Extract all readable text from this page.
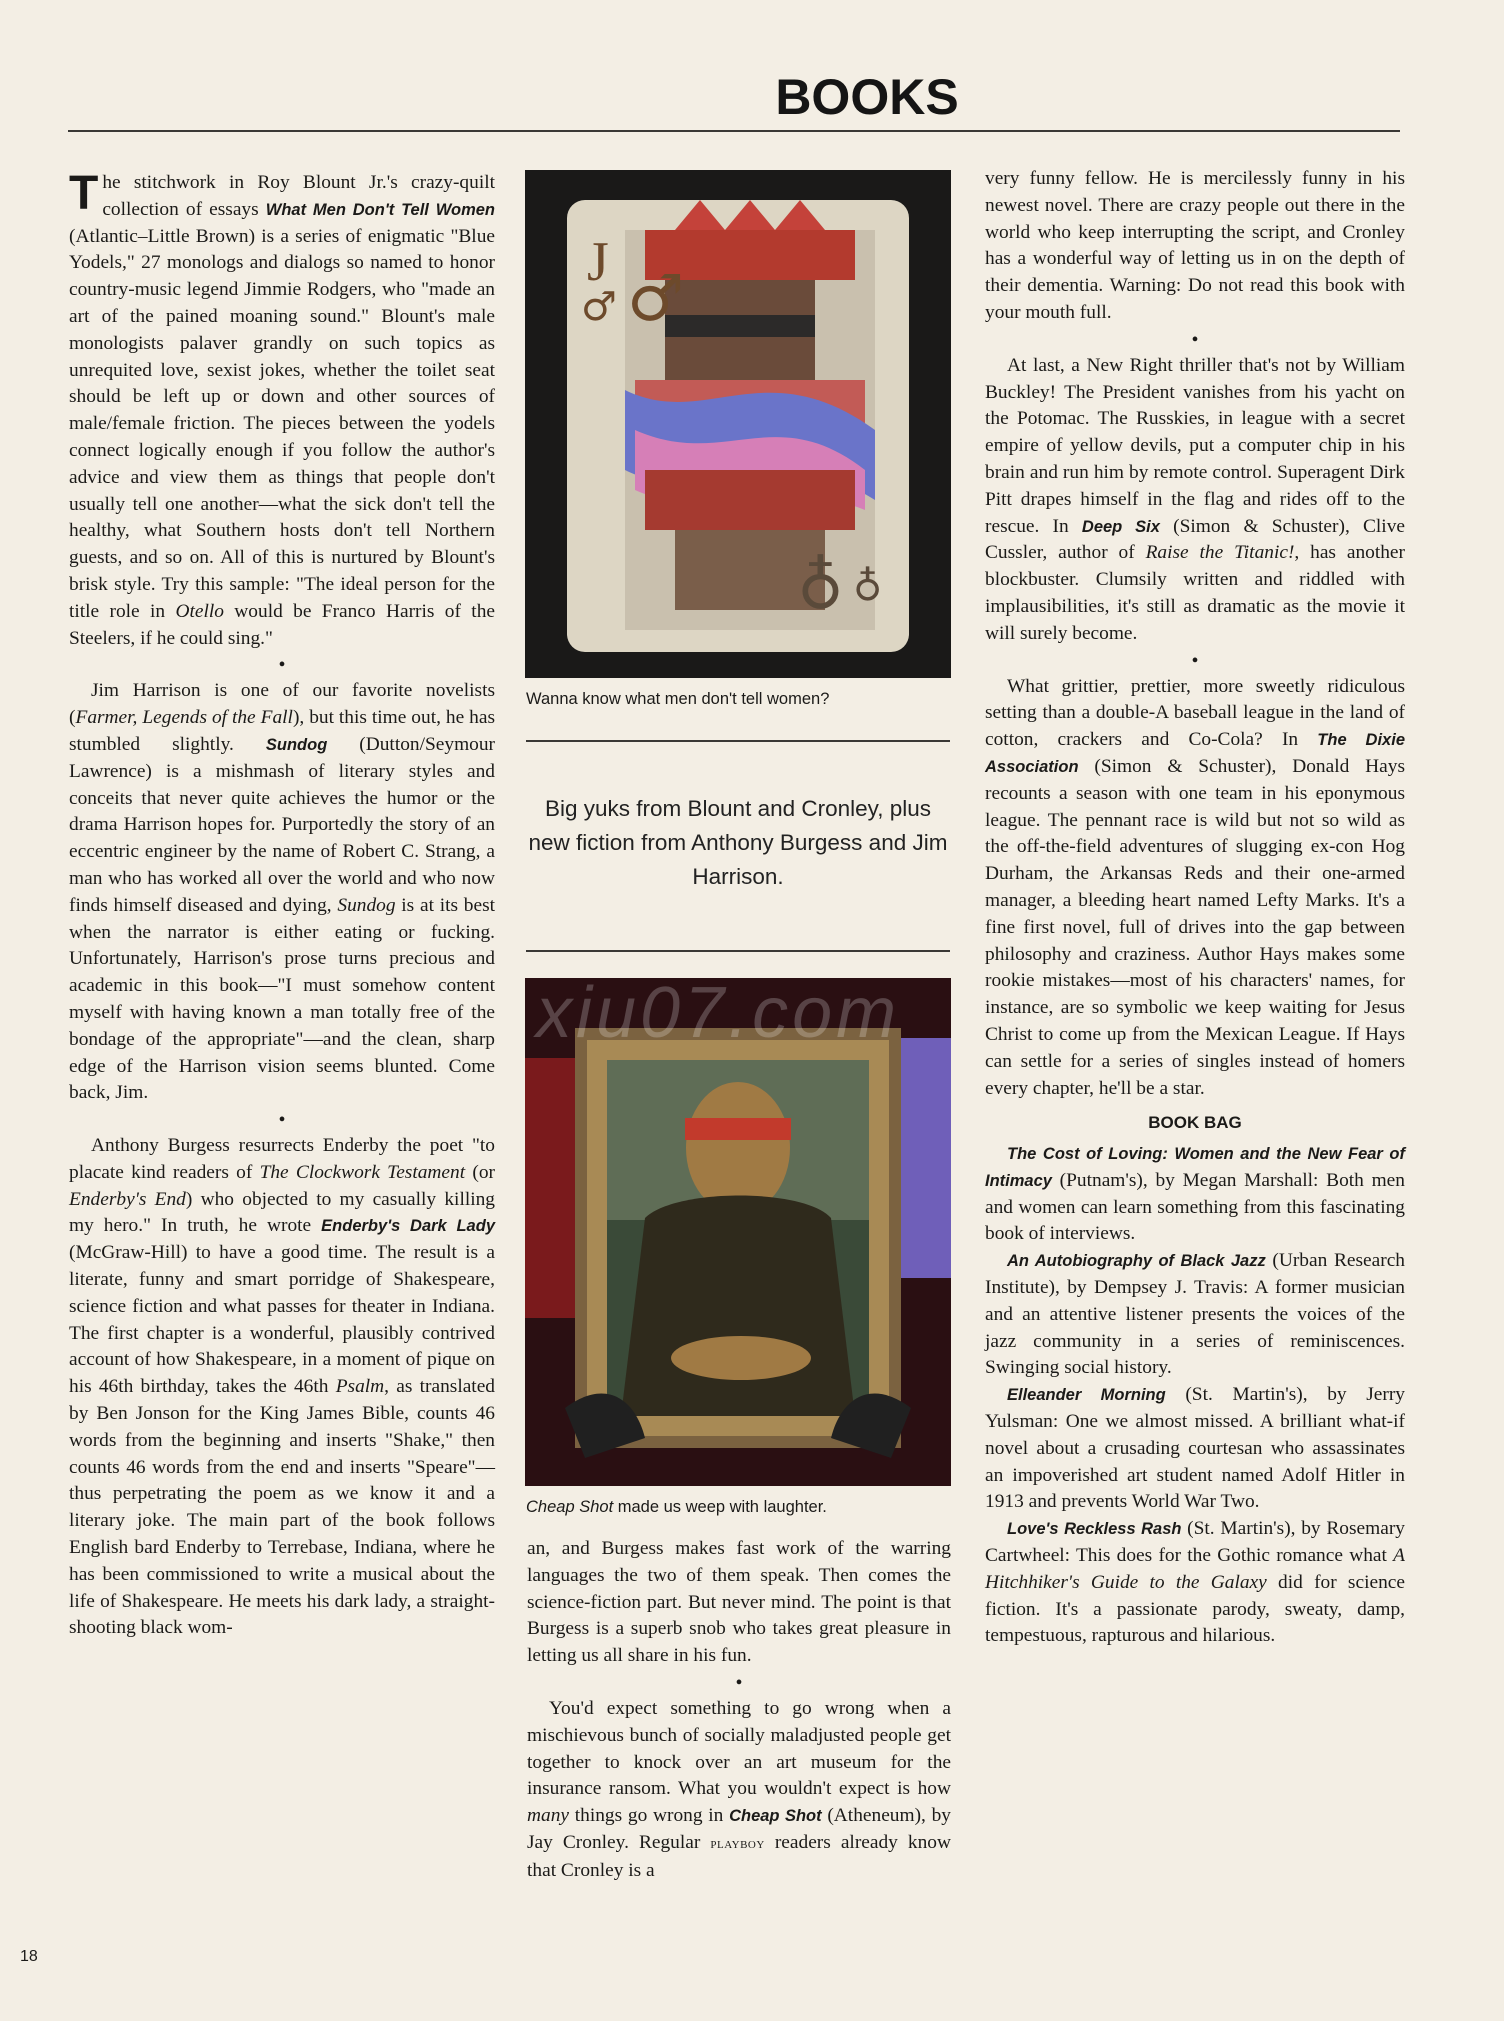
BOOKS

The stitchwork in Roy Blount Jr.'s crazy-quilt collection of essays What Men Don't Tell Women (Atlantic–Little Brown) is a series of enigmatic "Blue Yodels," 27 monologs and dialogs so named to honor country-music legend Jimmie Rodgers, who "made an art of the pained moaning sound." Blount's male monologists palaver grandly on such topics as unrequited love, sexist jokes, whether the toilet seat should be left up or down and other sources of male/female friction. The pieces between the yodels connect logically enough if you follow the author's advice and view them as things that people don't usually tell one another—what the sick don't tell the healthy, what Southern hosts don't tell Northern guests, and so on. All of this is nurtured by Blount's brisk style. Try this sample: "The ideal person for the title role in Otello would be Franco Harris of the Steelers, if he could sing."

•

Jim Harrison is one of our favorite novelists (Farmer, Legends of the Fall), but this time out, he has stumbled slightly. Sundog (Dutton/Seymour Lawrence) is a mishmash of literary styles and conceits that never quite achieves the humor or the drama Harrison hopes for. Purportedly the story of an eccentric engineer by the name of Robert C. Strang, a man who has worked all over the world and who now finds himself diseased and dying, Sundog is at its best when the narrator is either eating or fucking. Unfortunately, Harrison's prose turns precious and academic in this book—"I must somehow content myself with having known a man totally free of the bondage of the appropriate"—and the clean, sharp edge of the Harrison vision seems blunted. Come back, Jim.

•

Anthony Burgess resurrects Enderby the poet "to placate kind readers of The Clockwork Testament (or Enderby's End) who objected to my casually killing my hero." In truth, he wrote Enderby's Dark Lady (McGraw-Hill) to have a good time. The result is a literate, funny and smart porridge of Shakespeare, science fiction and what passes for theater in Indiana. The first chapter is a wonderful, plausibly contrived account of how Shakespeare, in a moment of pique on his 46th birthday, takes the 46th Psalm, as translated by Ben Jonson for the King James Bible, counts 46 words from the beginning and inserts "Shake," then counts 46 words from the end and inserts "Speare"—thus perpetrating the poem as we know it and a literary joke. The main part of the book follows English bard Enderby to Terrebase, Indiana, where he has been commissioned to write a musical about the life of Shakespeare. He meets his dark lady, a straight-shooting black wom-

J
♂ ♂
♁ ♁
Wanna know what men don't tell women?
Big yuks from Blount and Cronley, plus new fiction from Anthony Burgess and Jim Harrison.
Cheap Shot made us weep with laughter.
xiu07.com

an, and Burgess makes fast work of the warring languages the two of them speak. Then comes the science-fiction part. But never mind. The point is that Burgess is a superb snob who takes great pleasure in letting us all share in his fun.

•

You'd expect something to go wrong when a mischievous bunch of socially maladjusted people get together to knock over an art museum for the insurance ransom. What you wouldn't expect is how many things go wrong in Cheap Shot (Atheneum), by Jay Cronley. Regular playboy readers already know that Cronley is a

very funny fellow. He is mercilessly funny in his newest novel. There are crazy people out there in the world who keep interrupting the script, and Cronley has a wonderful way of letting us in on the depth of their dementia. Warning: Do not read this book with your mouth full.

•

At last, a New Right thriller that's not by William Buckley! The President vanishes from his yacht on the Potomac. The Russkies, in league with a secret empire of yellow devils, put a computer chip in his brain and run him by remote control. Superagent Dirk Pitt drapes himself in the flag and rides off to the rescue. In Deep Six (Simon & Schuster), Clive Cussler, author of Raise the Titanic!, has another blockbuster. Clumsily written and riddled with implausibilities, it's still as dramatic as the movie it will surely become.

•

What grittier, prettier, more sweetly ridiculous setting than a double-A baseball league in the land of cotton, crackers and Co-Cola? In The Dixie Association (Simon & Schuster), Donald Hays recounts a season with one team in his eponymous league. The pennant race is wild but not so wild as the off-the-field adventures of slugging ex-con Hog Durham, the Arkansas Reds and their one-armed manager, a bleeding heart named Lefty Marks. It's a fine first novel, full of drives into the gap between philosophy and craziness. Author Hays makes some rookie mistakes—most of his characters' names, for instance, are so symbolic we keep waiting for Jesus Christ to come up from the Mexican League. If Hays can settle for a series of singles instead of homers every chapter, he'll be a star.

BOOK BAG

The Cost of Loving: Women and the New Fear of Intimacy (Putnam's), by Megan Marshall: Both men and women can learn something from this fascinating book of interviews.

An Autobiography of Black Jazz (Urban Research Institute), by Dempsey J. Travis: A former musician and an attentive listener presents the voices of the jazz community in a series of reminiscences. Swinging social history.

Elleander Morning (St. Martin's), by Jerry Yulsman: One we almost missed. A brilliant what-if novel about a crusading courtesan who assassinates an impoverished art student named Adolf Hitler in 1913 and prevents World War Two.

Love's Reckless Rash (St. Martin's), by Rosemary Cartwheel: This does for the Gothic romance what A Hitchhiker's Guide to the Galaxy did for science fiction. It's a passionate parody, sweaty, damp, tempestuous, rapturous and hilarious.

18
